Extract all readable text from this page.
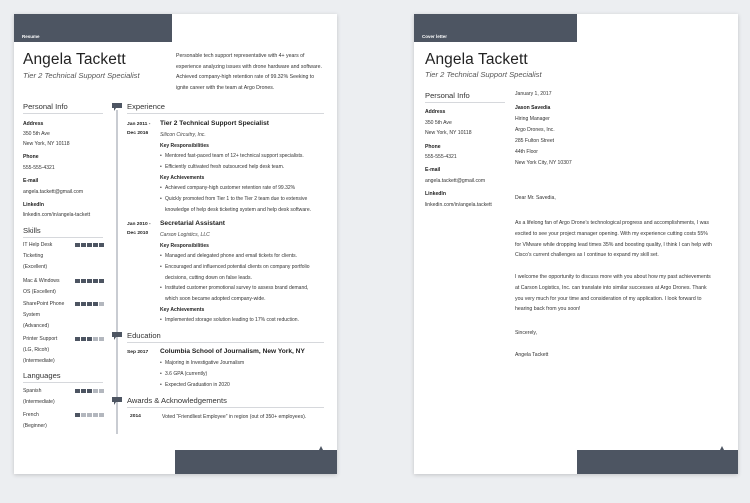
Resume
Angela Tackett
Tier 2 Technical Support Specialist
Personable tech support representative with 4+ years of
experience analyzing issues with drone hardware and software.
Achieved company-high retention rate of 99.32% Seeking to
ignite career with the team at Argo Drones.
Personal Info
Address
350 5th Ave
New York, NY 10118
Phone
555-555-4321
E-mail
angela.tackett@gmail.com
LinkedIn
linkedin.com/in/angela-tackett
Skills
IT Help Desk
Ticketing
(Excellent)
Mac & Windows
OS (Excellent)
SharePoint Phone
System
(Advanced)
Printer Support
(LG, Ricoh)
(Intermediate)
Languages
Spanish
(Intermediate)
French
(Beginner)
Experience
Jan 2011 -
Dec 2016
Tier 2 Technical Support Specialist
Silicon Circuitry, Inc.
Key Responsibilities
• Mentored fast-paced team of 12+ technical support specialists.
• Efficiently cultivated fresh outsourced help desk team.
Key Achievements
• Achieved company-high customer retention rate of 99.32%
• Quickly promoted from Tier 1 to the Tier 2 team due to extensive
knowledge of help desk ticketing system and help desk software.
Jan 2010 -
Dec 2010
Secretarial Assistant
Carson Logistics, LLC
Key Responsibilities
• Managed and delegated phone and email tickets for clients.
• Encouraged and influenced potential clients on company portfolio
decisions, cutting down on false leads.
• Instituted customer promotional survey to assess brand demand,
which soon became adopted company-wide.
Key Achievements
• Implemented storage solution leading to 17% cost reduction.
Education
Sep 2017 Columbia School of Journalism, New York, NY
• Majoring in Investigative Journalism
• 3.6 GPA (currently)
• Expected Graduation in 2020
Awards & Acknowledgements
2014	Voted “Friendliest Employee” in region (out of 350+ employees).
Cover letter
Angela Tackett
Tier 2 Technical Support Specialist
Personal Info
Address
350 5th Ave
New York, NY 10118
Phone
555-555-4321
E-mail
angela.tackett@gmail.com
LinkedIn
linkedin.com/in/angela.tackett
January 1, 2017
Jason Savedia
Hiring Manager
Argo Drones, Inc.
285 Fulton Street
44th Floor
New York City, NY 10307
Dear Mr. Savedia,
As a lifelong fan of Argo Drone’s technological progress and accomplishments, I was
excited to see your project manager opening. With my experience cutting costs 55%
for VMware while dropping lead times 35% and boosting quality, I think I can help with
Cisco’s current challenges as I continue to expand my skill set.
I welcome the opportunity to discuss more with you about how my past achievements
at Carson Logistics, Inc. can translate into similar successes at Argo Drones. Thank
you very much for your time and consideration of my application. I look forward to
hearing back from you soon!
Sincerely,
Angela Tackett
